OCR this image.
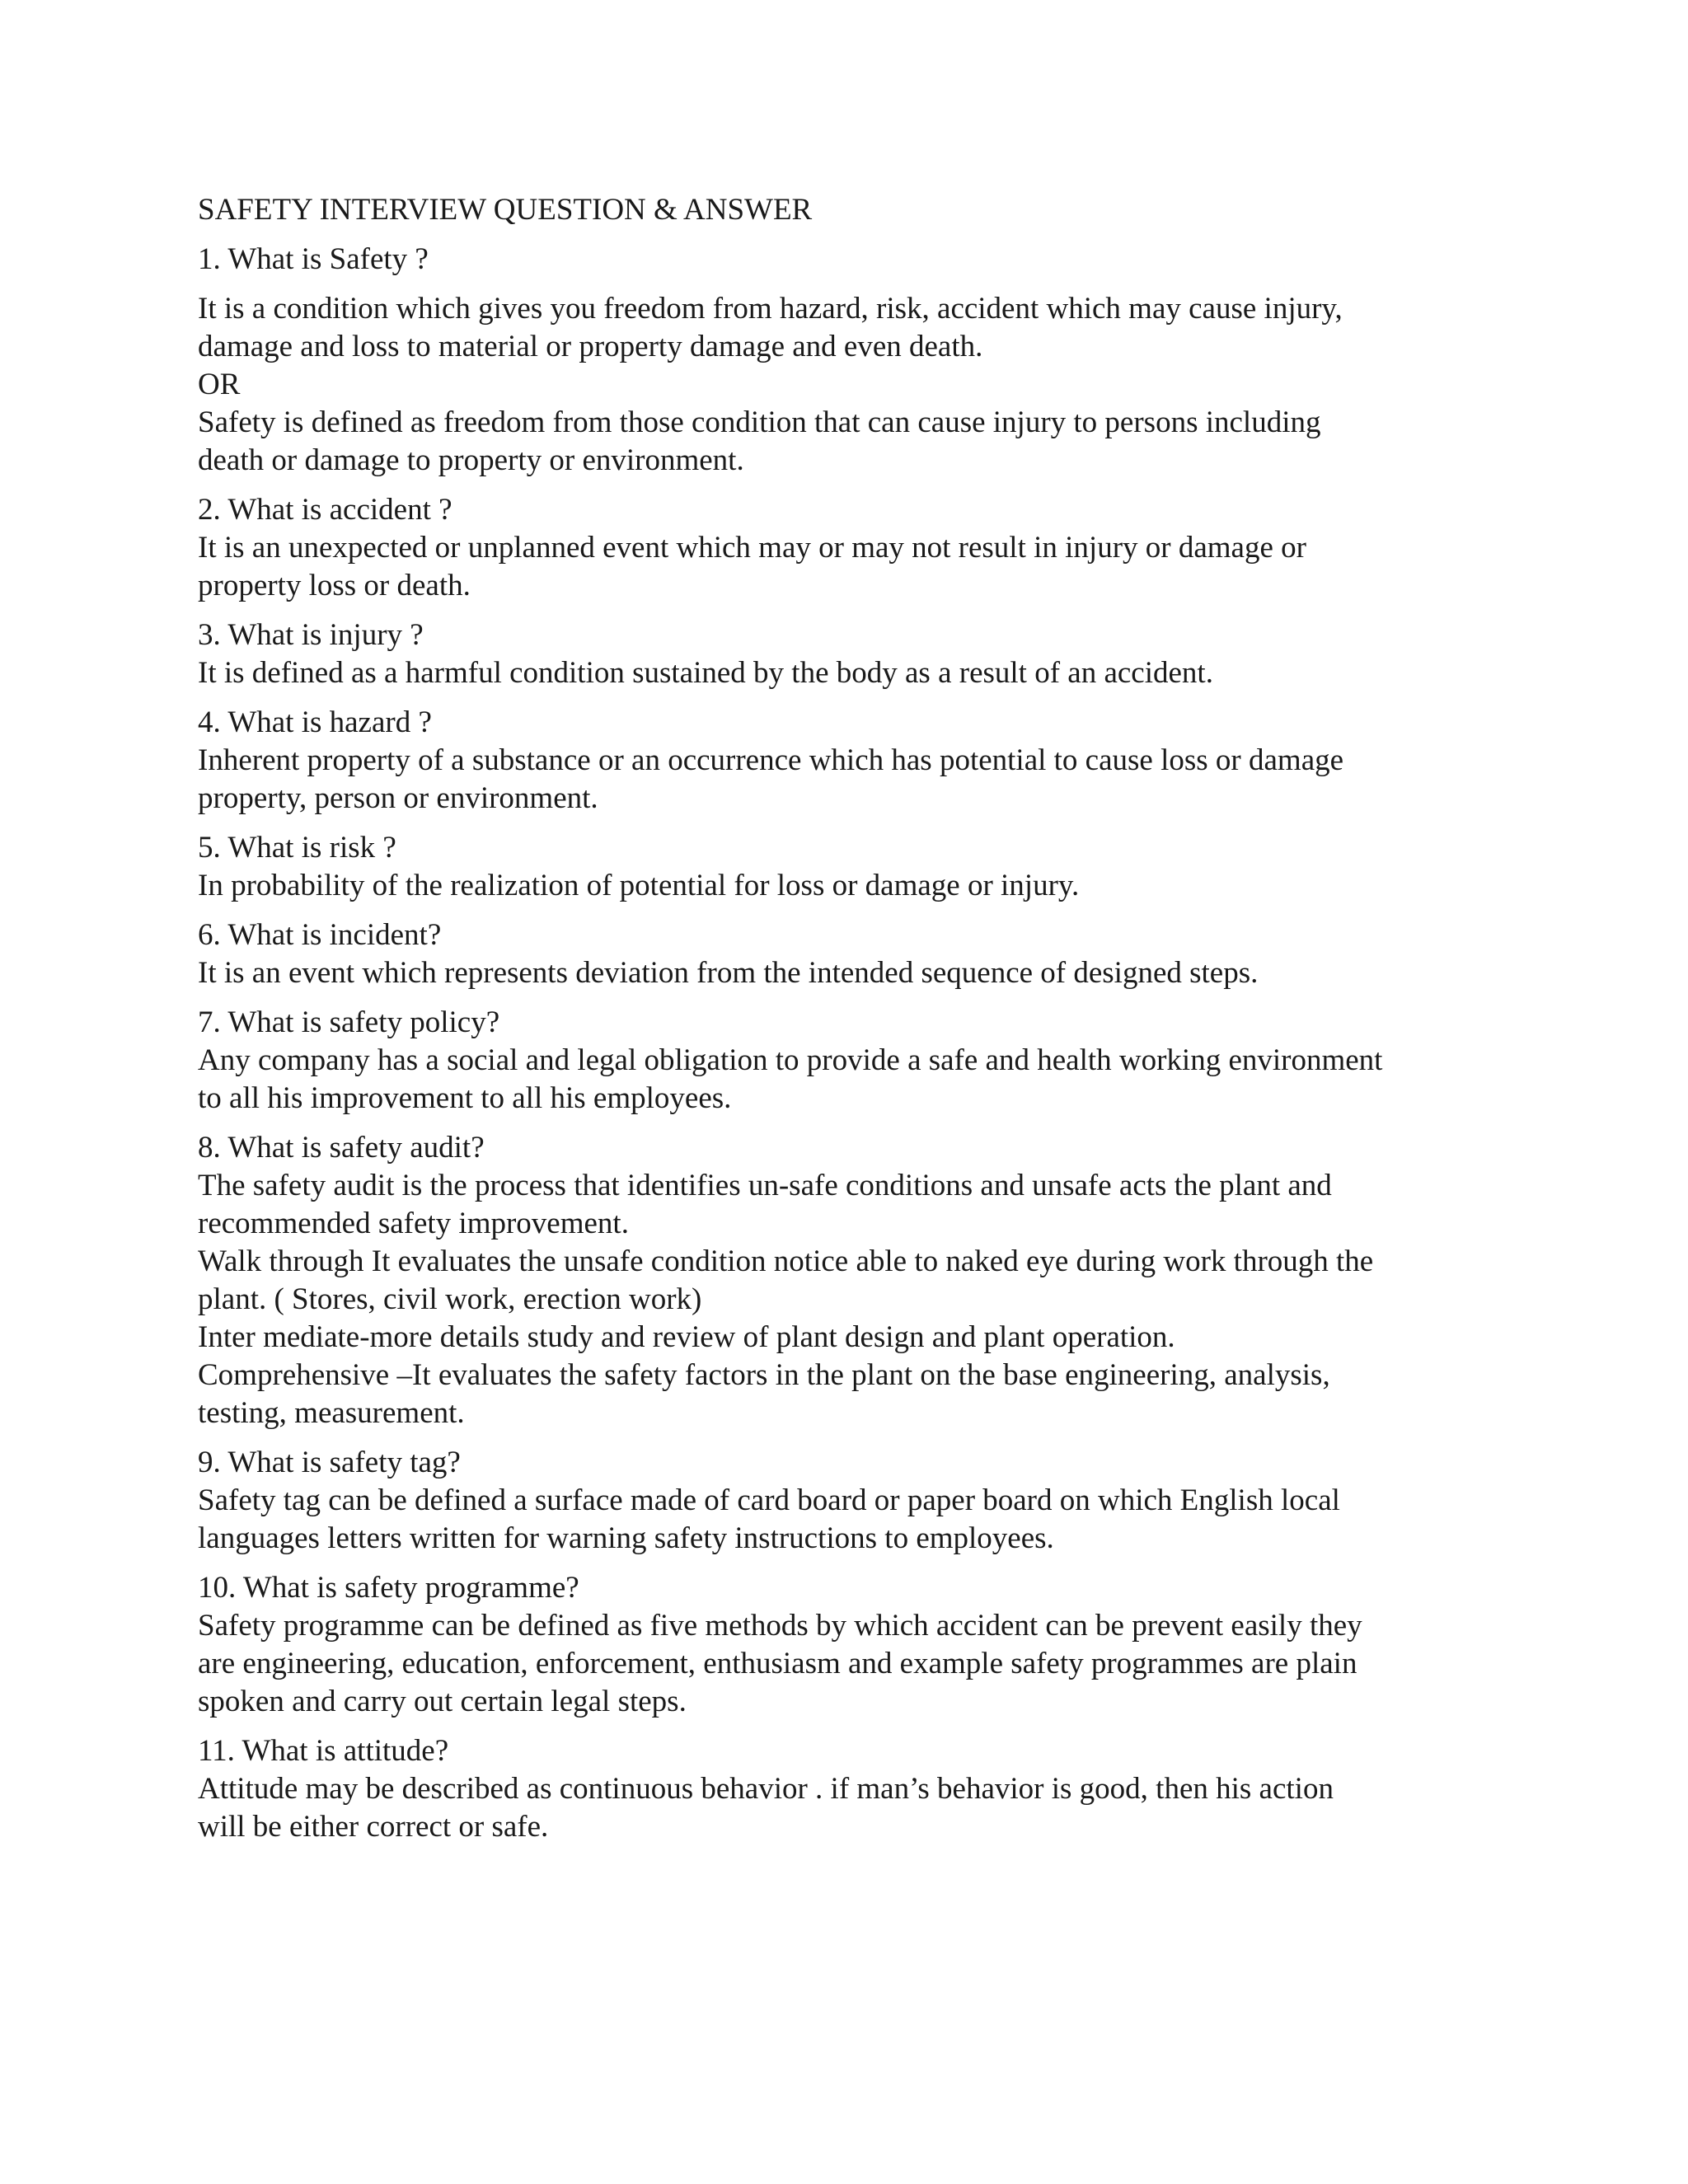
SAFETY INTERVIEW QUESTION & ANSWER
1. What is Safety ?
It is a condition which gives you freedom from hazard, risk, accident which may cause injury,
damage and loss to material or property damage and even death.
OR
Safety is defined as freedom from those condition that can cause injury to persons including
death or damage to property or environment.
2. What is accident ?
It is an unexpected or unplanned event which may or may not result in injury or damage or
property loss or death.
3. What is injury ?
It is defined as a harmful condition sustained by the body as a result of an accident.
4. What is hazard ?
Inherent property of a substance or an occurrence which has potential to cause loss or damage
property, person or environment.
5. What is risk ?
In probability of the realization of potential for loss or damage or injury.
6. What is incident?
It is an event which represents deviation from the intended sequence of designed steps.
7. What is safety policy?
Any company has a social and legal obligation to provide a safe and health working environment
to all his improvement to all his employees.
8. What is safety audit?
The safety audit is the process that identifies un-safe conditions and unsafe acts the plant and
recommended safety improvement.
Walk through It evaluates the unsafe condition notice able to naked eye during work through the
plant. ( Stores, civil work, erection work)
Inter mediate-more details study and review of plant design and plant operation.
Comprehensive –It evaluates the safety factors in the plant on the base engineering, analysis,
testing, measurement.
9. What is safety tag?
Safety tag can be defined a surface made of card board or paper board on which English local
languages letters written for warning safety instructions to employees.
10. What is safety programme?
Safety programme can be defined as five methods by which accident can be prevent easily they
are engineering, education, enforcement, enthusiasm and example safety programmes are plain
spoken and carry out certain legal steps.
11. What is attitude?
Attitude may be described as continuous behavior . if man’s behavior is good, then his action
will be either correct or safe.
